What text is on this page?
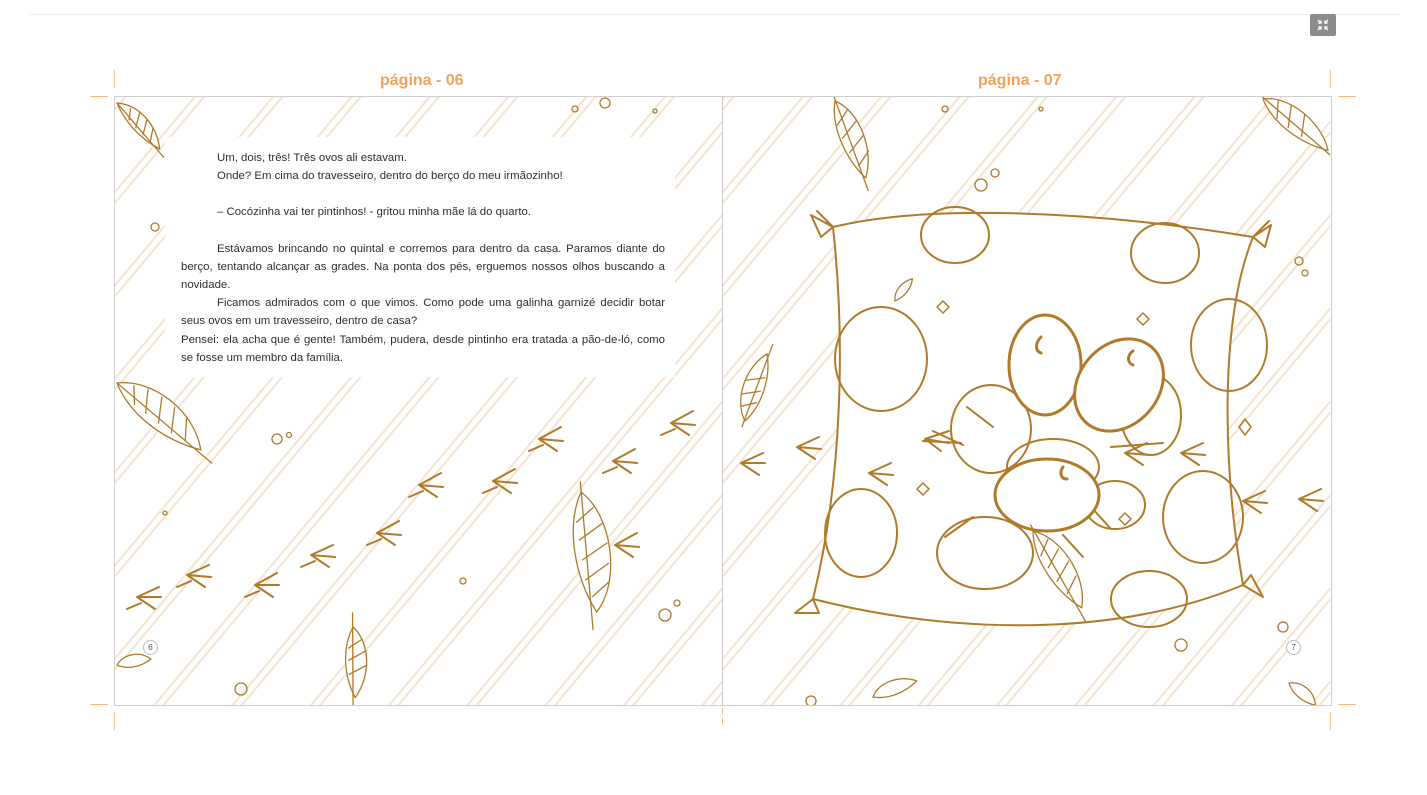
página - 06	página - 07

Um, dois, três! Três ovos ali estavam.

Onde? Em cima do travesseiro, dentro do berço do meu irmãozinho!

– Cocózinha vai ter pintinhos! - gritou minha mãe lá do quarto.

Estávamos brincando no quintal e corremos para dentro da casa. Paramos diante do berço, tentando alcançar as grades. Na ponta dos pés, erguemos nossos olhos buscando a novidade.

Ficamos admirados com o que vimos. Como pode uma galinha garnizé decidir botar seus ovos em um travesseiro, dentro de casa?

Pensei: ela acha que é gente! Também, pudera, desde pintinho era tratada a pão-de-ló, como se fosse um membro da família.

6	7
